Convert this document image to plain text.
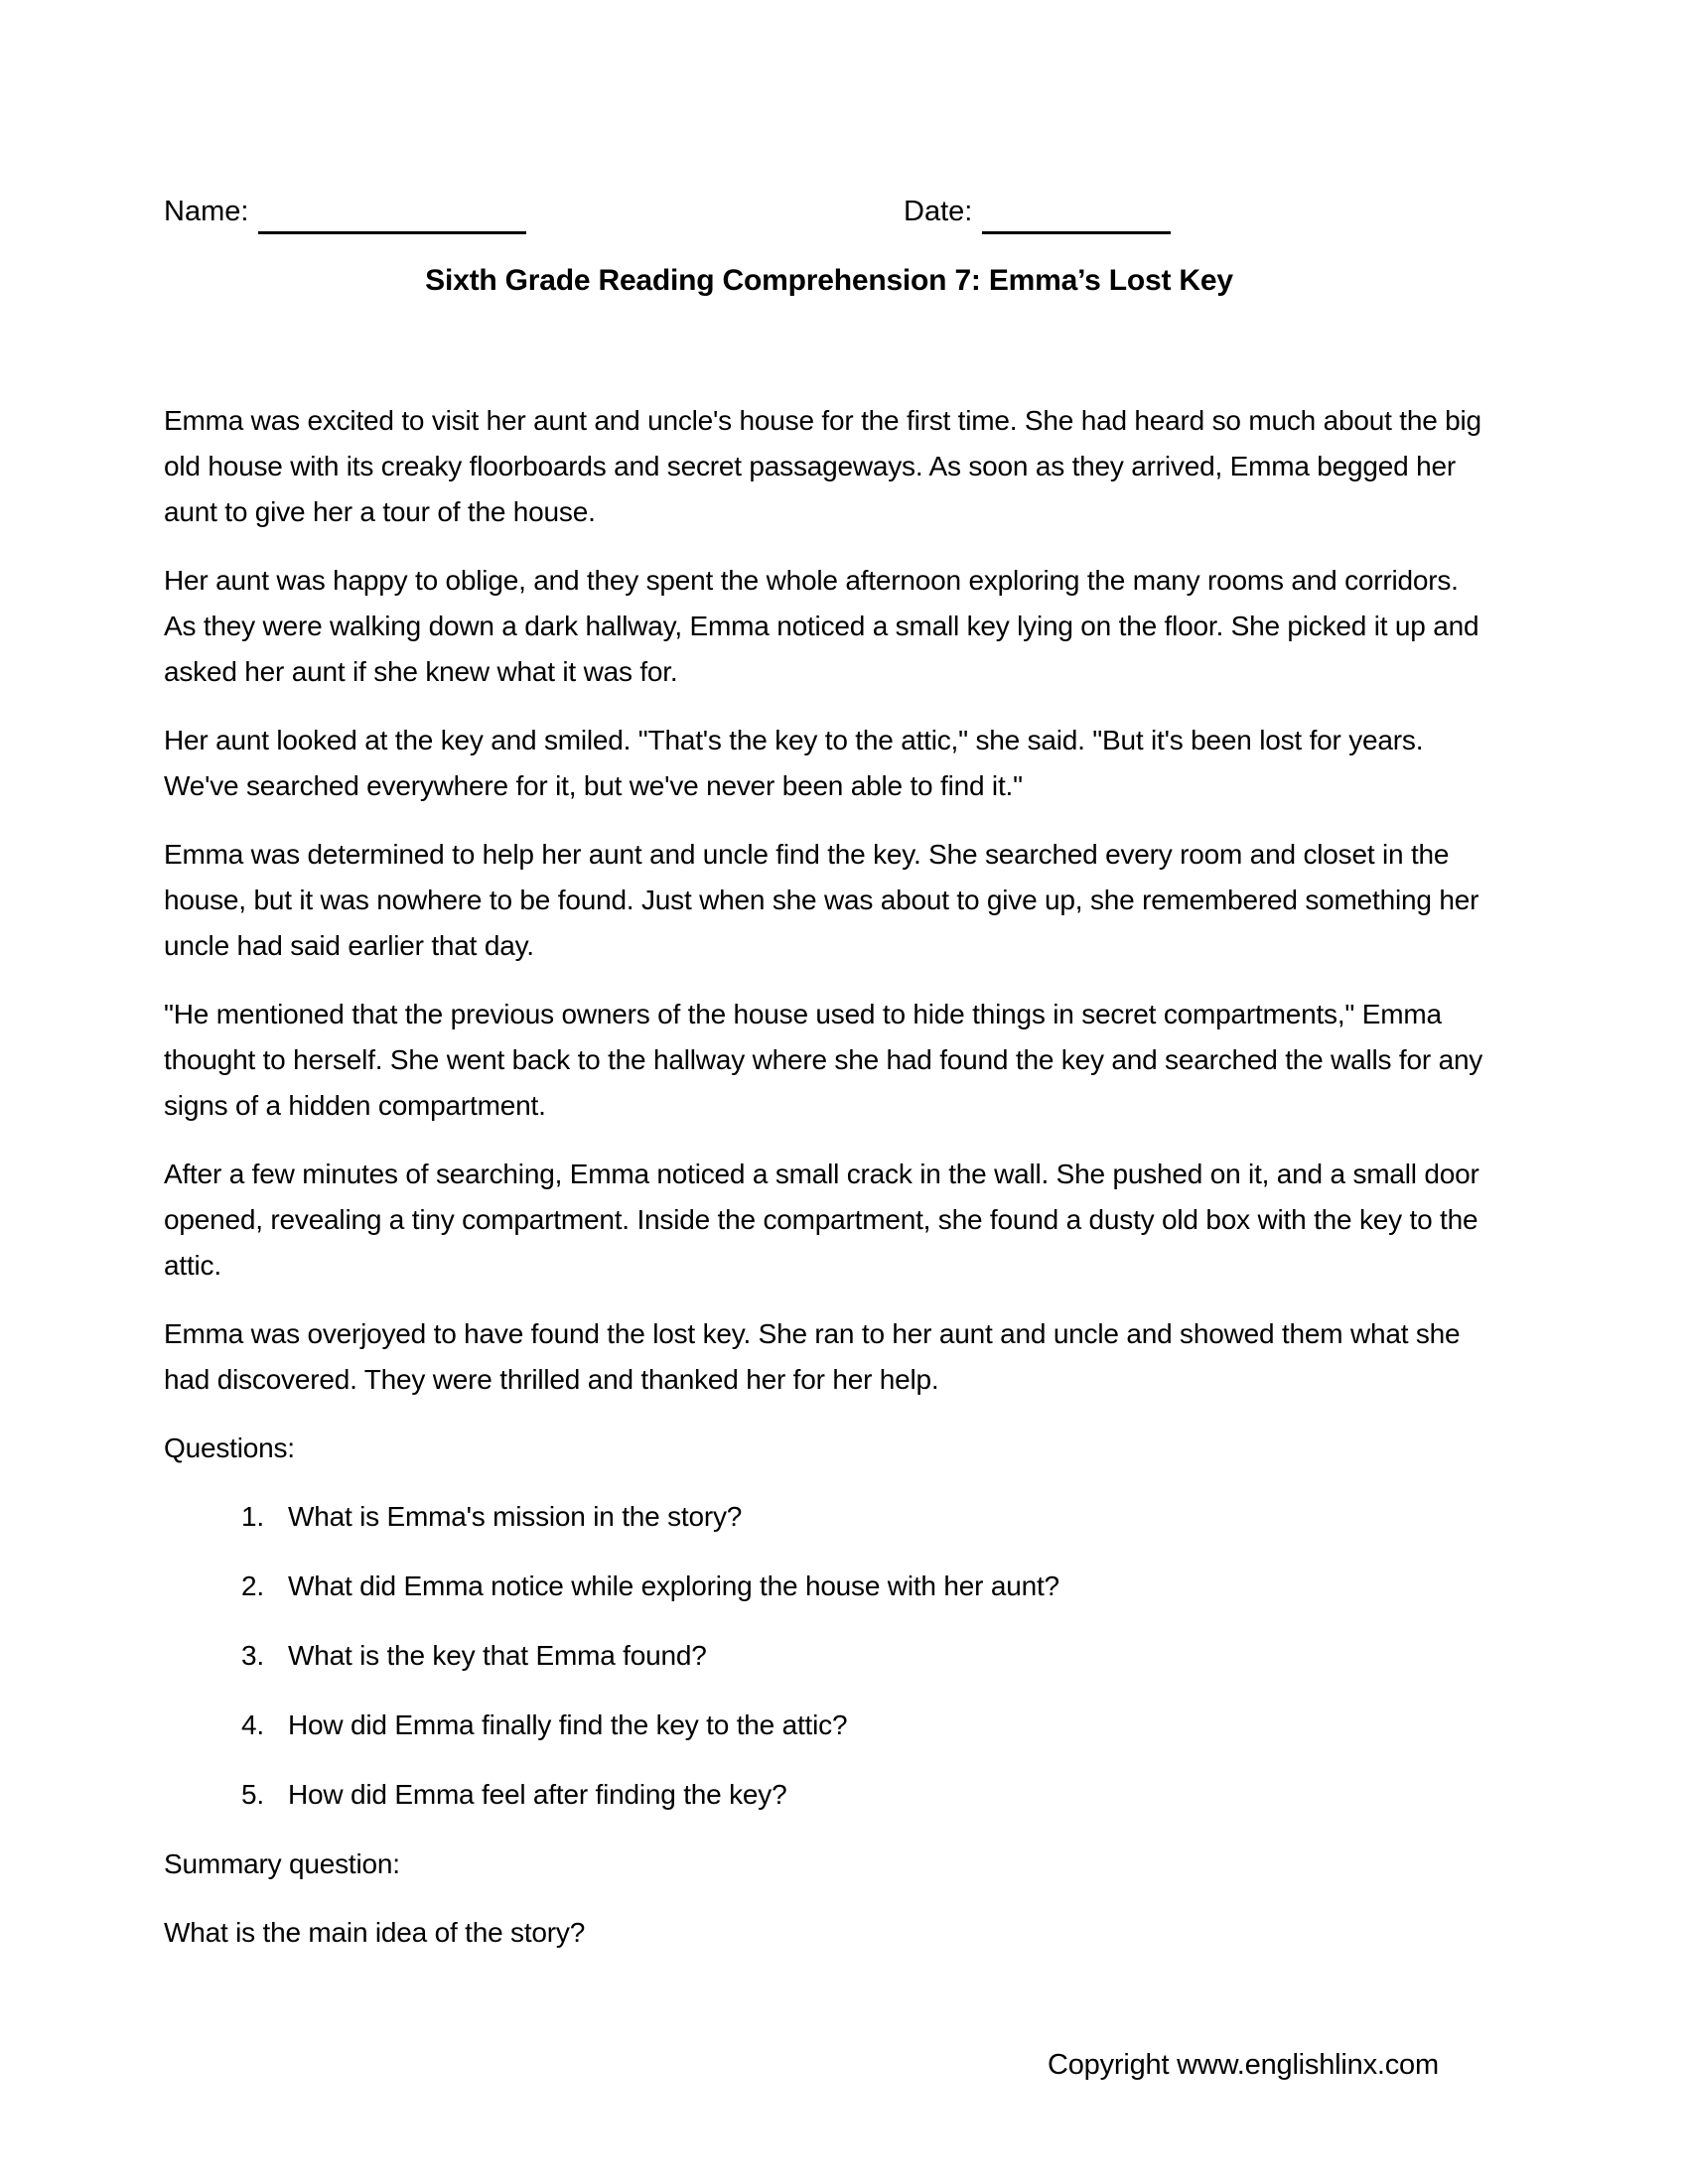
Name:	Date:
Sixth Grade Reading Comprehension 7: Emma’s Lost Key

Emma was excited to visit her aunt and uncle's house for the first time. She had heard so much about the big old house with its creaky floorboards and secret passageways. As soon as they arrived, Emma begged her aunt to give her a tour of the house.

Her aunt was happy to oblige, and they spent the whole afternoon exploring the many rooms and corridors. As they were walking down a dark hallway, Emma noticed a small key lying on the floor. She picked it up and asked her aunt if she knew what it was for.

Her aunt looked at the key and smiled. "That's the key to the attic," she said. "But it's been lost for years. We've searched everywhere for it, but we've never been able to find it."

Emma was determined to help her aunt and uncle find the key. She searched every room and closet in the house, but it was nowhere to be found. Just when she was about to give up, she remembered something her uncle had said earlier that day.

"He mentioned that the previous owners of the house used to hide things in secret compartments," Emma thought to herself. She went back to the hallway where she had found the key and searched the walls for any signs of a hidden compartment.

After a few minutes of searching, Emma noticed a small crack in the wall. She pushed on it, and a small door opened, revealing a tiny compartment. Inside the compartment, she found a dusty old box with the key to the attic.

Emma was overjoyed to have found the lost key. She ran to her aunt and uncle and showed them what she had discovered. They were thrilled and thanked her for her help.

Questions:

1. What is Emma's mission in the story?
2. What did Emma notice while exploring the house with her aunt?
3. What is the key that Emma found?
4. How did Emma finally find the key to the attic?
5. How did Emma feel after finding the key?

Summary question:

What is the main idea of the story?

Copyright www.englishlinx.com
